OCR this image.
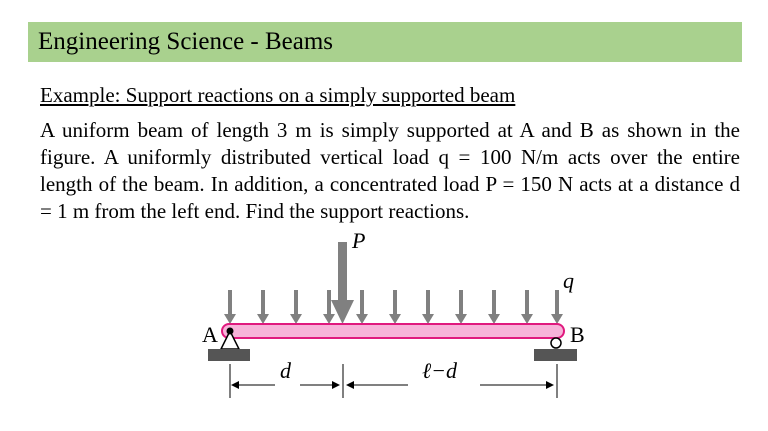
Engineering Science - Beams
Example: Support reactions on a simply supported beam
A uniform beam of length 3 m is simply supported at A and B as shown in the figure. A uniformly distributed vertical load q = 100 N/m acts over the entire length of the beam. In addition, a concentrated load P = 150 N acts at a distance d = 1 m from the left end. Find the support reactions.
P
q
A	B
d	ℓ−d
